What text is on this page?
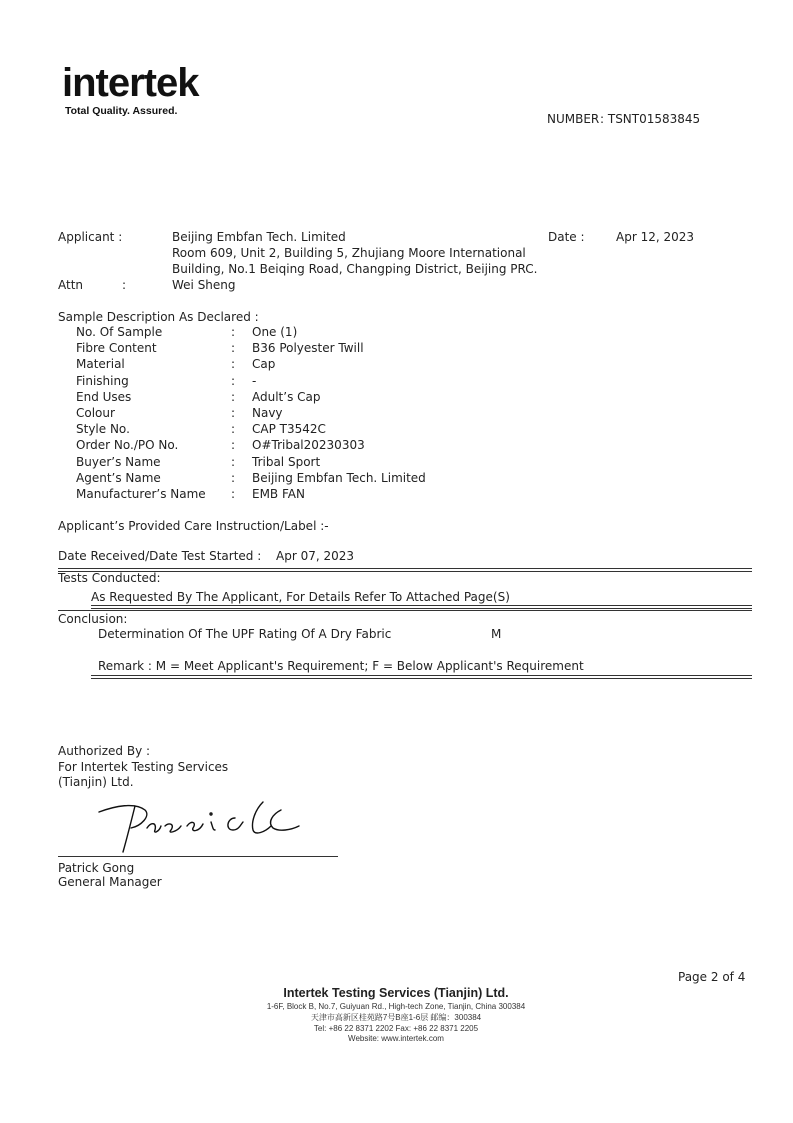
intertek
Total Quality. Assured.
NUMBER : TSNT01583845
Applicant :	Beijing Embfan Tech. Limited
Room 609, Unit 2, Building 5, Zhujiang Moore International
Building, No.1 Beiqing Road, Changping District, Beijing PRC.
Attn	:	Wei Sheng
Date :	Apr 12, 2023
Sample Description As Declared :
No. Of Sample	: One (1)
Fibre Content	: B36 Polyester Twill
Material	: Cap
Finishing	: -
End Uses	: Adult’s Cap
Colour	: Navy
Style No.	: CAP T3542C
Order No./PO No.	: O#Tribal20230303
Buyer’s Name	: Tribal Sport
Agent’s Name	: Beijing Embfan Tech. Limited
Manufacturer’s Name : EMB FAN
Applicant’s Provided Care Instruction/Label :-
Date Received/Date Test Started : Apr 07, 2023
Tests Conducted:
As Requested By The Applicant, For Details Refer To Attached Page(S)
Conclusion:
Determination Of The UPF Rating Of A Dry Fabric	M
Remark : M = Meet Applicant's Requirement; F = Below Applicant's Requirement
Authorized By :
For Intertek Testing Services
(Tianjin) Ltd.
Patrick Gong
General Manager
Page 2 of 4
Intertek Testing Services (Tianjin) Ltd.
1-6F, Block B, No.7, Guiyuan Rd., High-tech Zone, Tianjin, China 300384
天津市高新区桂苑路7号B座1-6层 邮编：300384
Tel: +86 22 8371 2202 Fax: +86 22 8371 2205
Website: www.intertek.com
